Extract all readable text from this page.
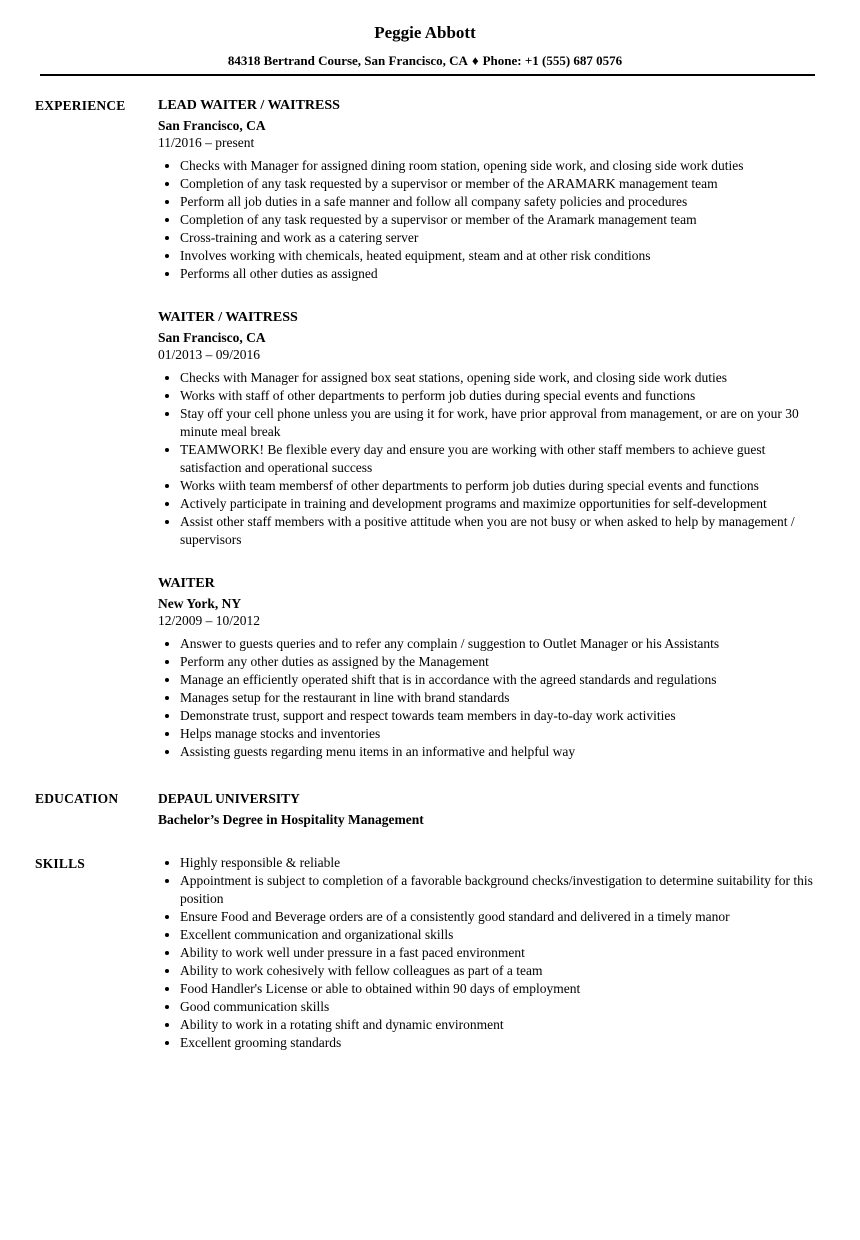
Peggie Abbott
84318 Bertrand Course, San Francisco, CA ♦ Phone: +1 (555) 687 0576
EXPERIENCE	LEAD WAITER / WAITRESS
San Francisco, CA
11/2016 – present
• Checks with Manager for assigned dining room station, opening side work, and closing side work duties
• Completion of any task requested by a supervisor or member of the ARAMARK management team
• Perform all job duties in a safe manner and follow all company safety policies and procedures
• Completion of any task requested by a supervisor or member of the Aramark management team
• Cross-training and work as a catering server
• Involves working with chemicals, heated equipment, steam and at other risk conditions
• Performs all other duties as assigned
WAITER / WAITRESS
San Francisco, CA
01/2013 – 09/2016
• Checks with Manager for assigned box seat stations, opening side work, and closing side work duties
• Works with staff of other departments to perform job duties during special events and functions
• Stay off your cell phone unless you are using it for work, have prior approval from management, or are on your 30 minute meal break
• TEAMWORK! Be flexible every day and ensure you are working with other staff members to achieve guest satisfaction and operational success
• Works wiith team membersf of other departments to perform job duties during special events and functions
• Actively participate in training and development programs and maximize opportunities for self-development
• Assist other staff members with a positive attitude when you are not busy or when asked to help by management / supervisors
WAITER
New York, NY
12/2009 – 10/2012
• Answer to guests queries and to refer any complain / suggestion to Outlet Manager or his Assistants
• Perform any other duties as assigned by the Management
• Manage an efficiently operated shift that is in accordance with the agreed standards and regulations
• Manages setup for the restaurant in line with brand standards
• Demonstrate trust, support and respect towards team members in day-to-day work activities
• Helps manage stocks and inventories
• Assisting guests regarding menu items in an informative and helpful way
EDUCATION	DEPAUL UNIVERSITY
Bachelor’s Degree in Hospitality Management
SKILLS	• Highly responsible & reliable
• Appointment is subject to completion of a favorable background checks/investigation to determine suitability for this position
• Ensure Food and Beverage orders are of a consistently good standard and delivered in a timely manor
• Excellent communication and organizational skills
• Ability to work well under pressure in a fast paced environment
• Ability to work cohesively with fellow colleagues as part of a team
• Food Handler's License or able to obtained within 90 days of employment
• Good communication skills
• Ability to work in a rotating shift and dynamic environment
• Excellent grooming standards
